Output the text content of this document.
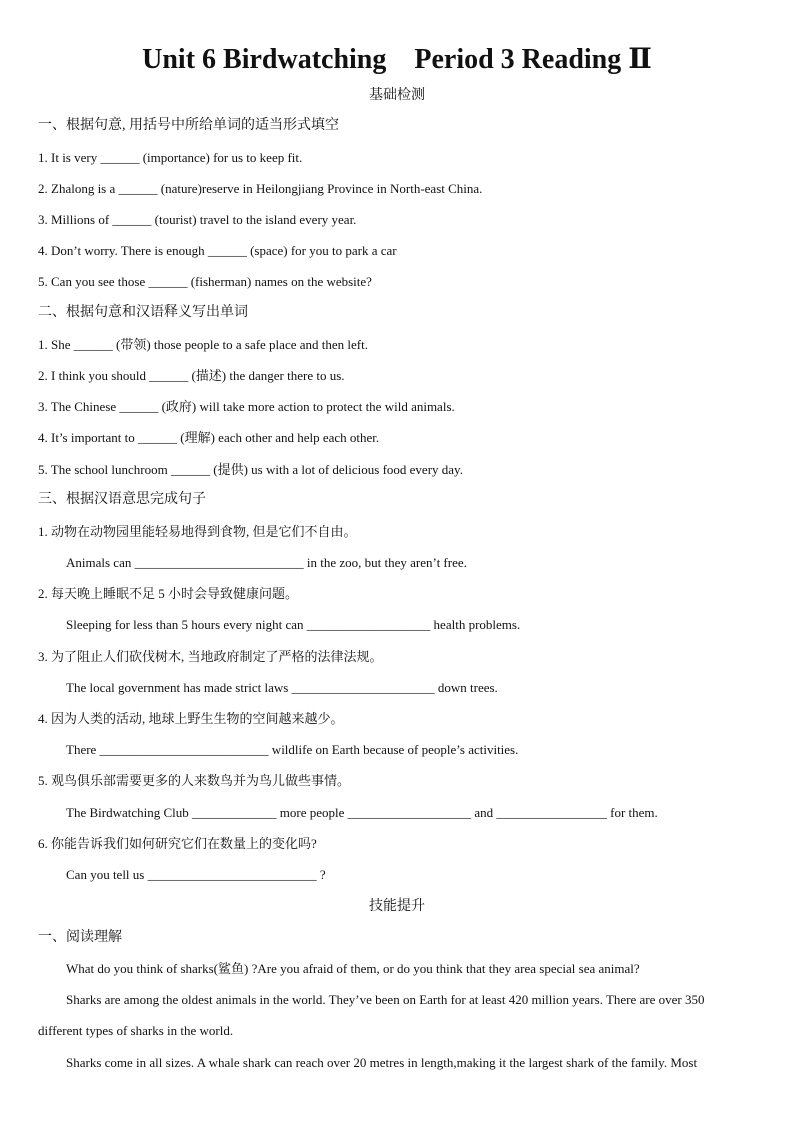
Unit 6 Birdwatching    Period 3 Reading Ⅱ
基础检测
一、根据句意, 用括号中所给单词的适当形式填空
1. It is very ______ (importance) for us to keep fit.
2. Zhalong is a ______ (nature)reserve in Heilongjiang Province in North-east China.
3. Millions of ______ (tourist) travel to the island every year.
4. Don’t worry. There is enough ______ (space) for you to park a car
5. Can you see those ______ (fisherman) names on the website?
二、根据句意和汉语释义写出单词
1. She ______ (带领) those people to a safe place and then left.
2. I think you should ______ (描述) the danger there to us.
3. The Chinese ______ (政府) will take more action to protect the wild animals.
4. It’s important to ______ (理解) each other and help each other.
5. The school lunchroom ______ (提供) us with a lot of delicious food every day.
三、根据汉语意思完成句子
1. 动物在动物园里能轻易地得到食物, 但是它们不自由。
Animals can __________________________ in the zoo, but they aren’t free.
2. 每天晚上睡眠不足 5 小时会导致健康问题。
Sleeping for less than 5 hours every night can ___________________ health problems.
3. 为了阻止人们砍伐树木, 当地政府制定了严格的法律法规。
The local government has made strict laws ______________________ down trees.
4. 因为人类的活动, 地球上野生生物的空间越来越少。
There __________________________ wildlife on Earth because of people’s activities.
5. 观鸟俱乐部需要更多的人来数鸟并为鸟儿做些事情。
The Birdwatching Club _____________ more people ___________________ and _________________ for them.
6. 你能告诉我们如何研究它们在数量上的变化吗?
Can you tell us __________________________ ?
技能提升
一、阅读理解
What do you think of sharks(鲨鱼) ?Are you afraid of them, or do you think that they area special sea animal?
Sharks are among the oldest animals in the world. They’ve been on Earth for at least 420 million years. There are over 350
different types of sharks in the world.
Sharks come in all sizes. A whale shark can reach over 20 metres in length,making it the largest shark of the family. Most
